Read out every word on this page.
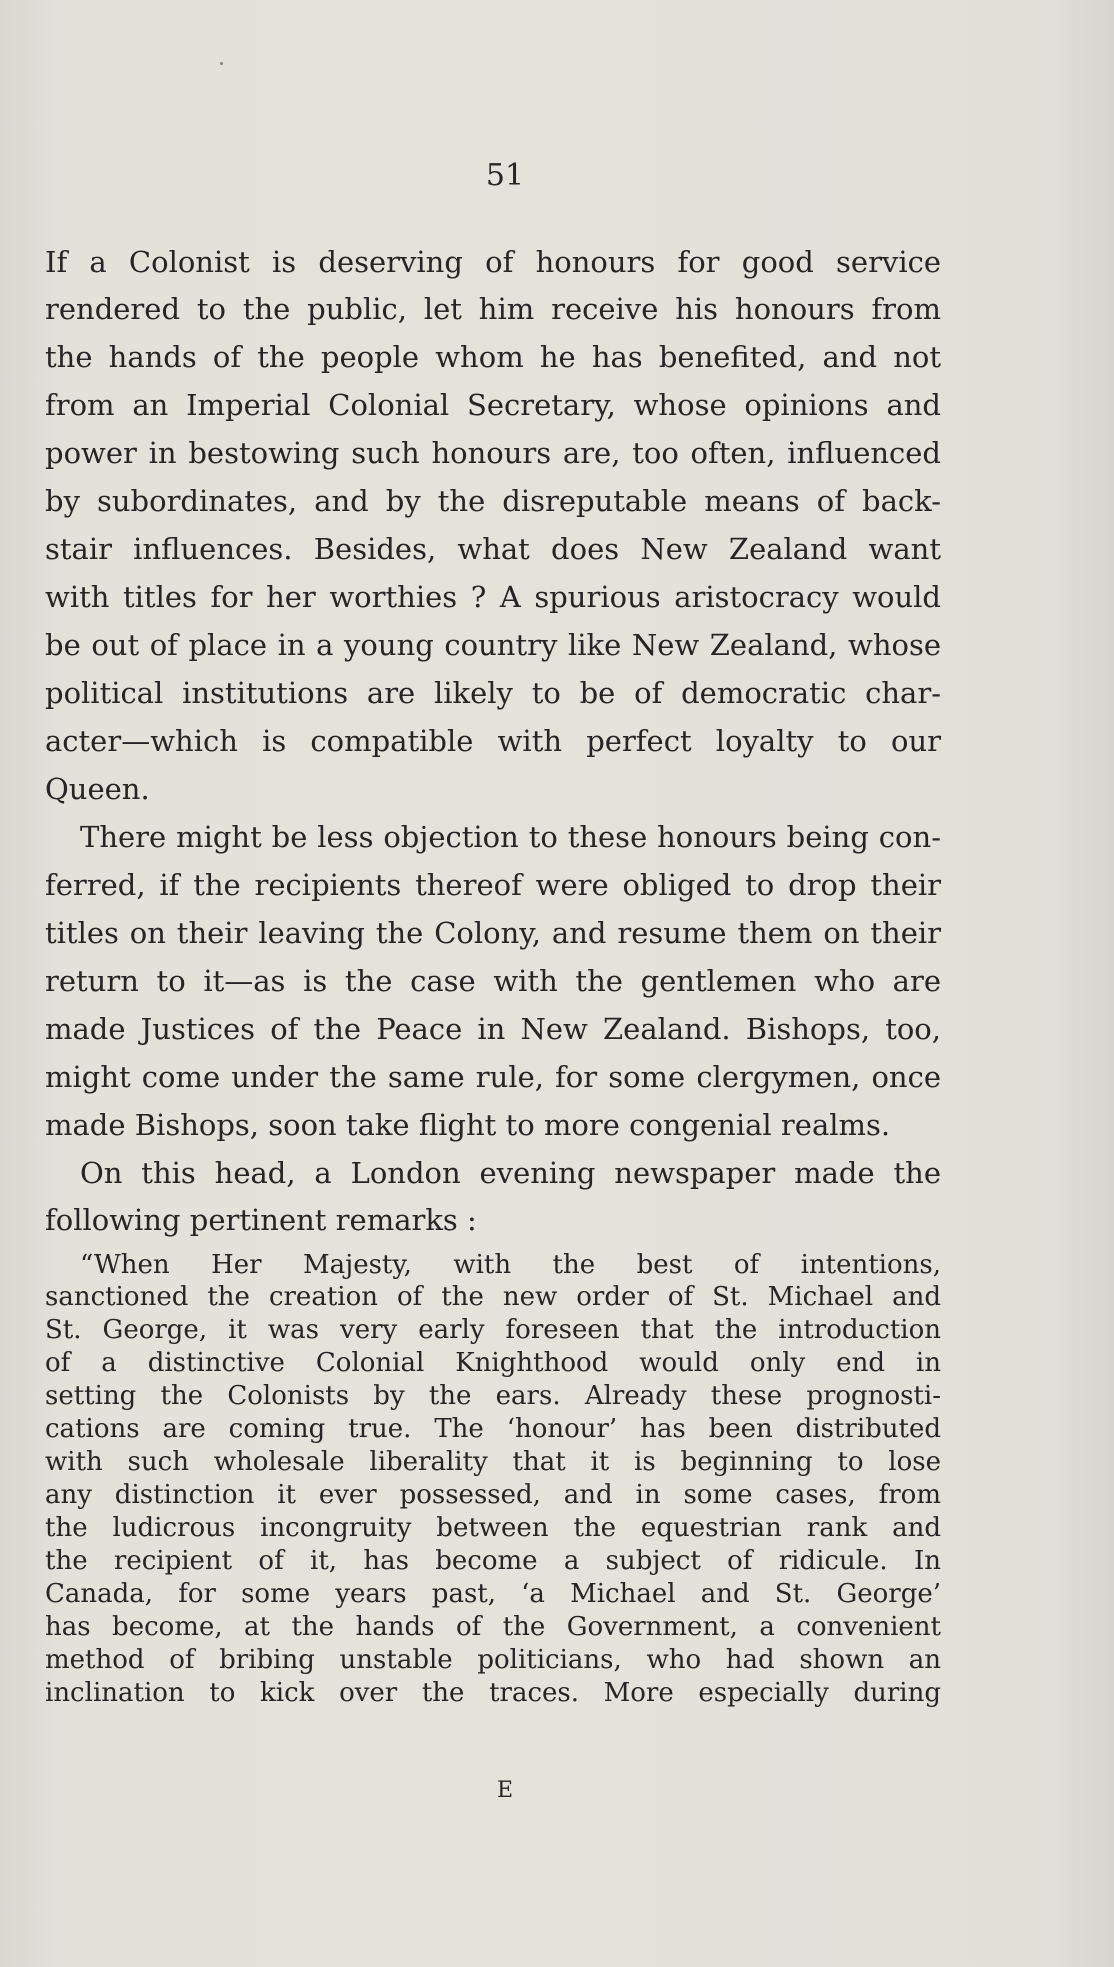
51

If a Colonist is deserving of honours for good service

rendered to the public, let him receive his honours from

the hands of the people whom he has benefited, and not

from an Imperial Colonial Secretary, whose opinions and

power in bestowing such honours are, too often, influenced

by subordinates, and by the disreputable means of back-

stair influences. Besides, what does New Zealand want

with titles for her worthies ? A spurious aristocracy would

be out of place in a young country like New Zealand, whose

political institutions are likely to be of democratic char-

acter—which is compatible with perfect loyalty to our

Queen.

There might be less objection to these honours being con-

ferred, if the recipients thereof were obliged to drop their

titles on their leaving the Colony, and resume them on their

return to it—as is the case with the gentlemen who are

made Justices of the Peace in New Zealand. Bishops, too,

might come under the same rule, for some clergymen, once

made Bishops, soon take flight to more congenial realms.

On this head, a London evening newspaper made the

following pertinent remarks :

“When Her Majesty, with the best of intentions,

sanctioned the creation of the new order of St. Michael and

St. George, it was very early foreseen that the introduction

of a distinctive Colonial Knighthood would only end in

setting the Colonists by the ears. Already these prognosti-

cations are coming true. The ‘honour’ has been distributed

with such wholesale liberality that it is beginning to lose

any distinction it ever possessed, and in some cases, from

the ludicrous incongruity between the equestrian rank and

the recipient of it, has become a subject of ridicule. In

Canada, for some years past, ‘a Michael and St. George’

has become, at the hands of the Government, a convenient

method of bribing unstable politicians, who had shown an

inclination to kick over the traces. More especially during

E
